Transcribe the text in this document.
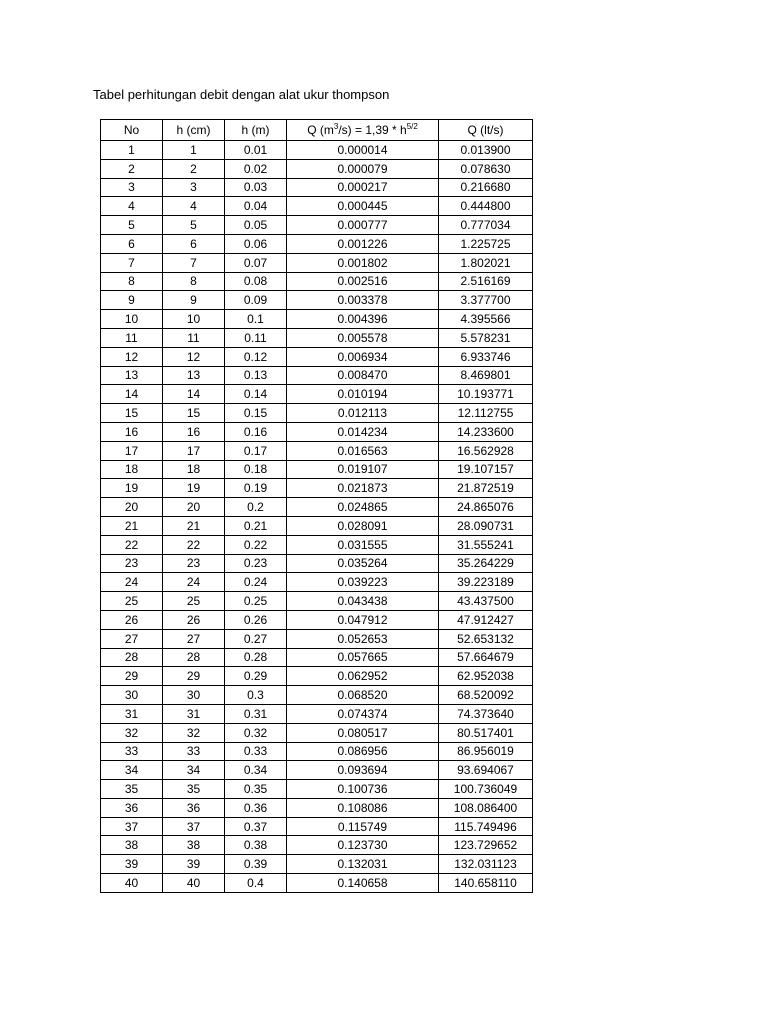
Tabel perhitungan debit dengan alat ukur thompson
No	h (cm)	h (m)	Q $(m^3/s) = 1,39 * h^{5/2}$	Q (lt/s)
1	1	0.01	0.000014	0.013900
2	2	0.02	0.000079	0.078630
3	3	0.03	0.000217	0.216680
4	4	0.04	0.000445	0.444800
5	5	0.05	0.000777	0.777034
6	6	0.06	0.001226	1.225725
7	7	0.07	0.001802	1.802021
8	8	0.08	0.002516	2.516169
9	9	0.09	0.003378	3.377700
10	10	0.1	0.004396	4.395566
11	11	0.11	0.005578	5.578231
12	12	0.12	0.006934	6.933746
13	13	0.13	0.008470	8.469801
14	14	0.14	0.010194	10.193771
15	15	0.15	0.012113	12.112755
16	16	0.16	0.014234	14.233600
17	17	0.17	0.016563	16.562928
18	18	0.18	0.019107	19.107157
19	19	0.19	0.021873	21.872519
20	20	0.2	0.024865	24.865076
21	21	0.21	0.028091	28.090731
22	22	0.22	0.031555	31.555241
23	23	0.23	0.035264	35.264229
24	24	0.24	0.039223	39.223189
25	25	0.25	0.043438	43.437500
26	26	0.26	0.047912	47.912427
27	27	0.27	0.052653	52.653132
28	28	0.28	0.057665	57.664679
29	29	0.29	0.062952	62.952038
30	30	0.3	0.068520	68.520092
31	31	0.31	0.074374	74.373640
32	32	0.32	0.080517	80.517401
33	33	0.33	0.086956	86.956019
34	34	0.34	0.093694	93.694067
35	35	0.35	0.100736	100.736049
36	36	0.36	0.108086	108.086400
37	37	0.37	0.115749	115.749496
38	38	0.38	0.123730	123.729652
39	39	0.39	0.132031	132.031123
40	40	0.4	0.140658	140.658110
